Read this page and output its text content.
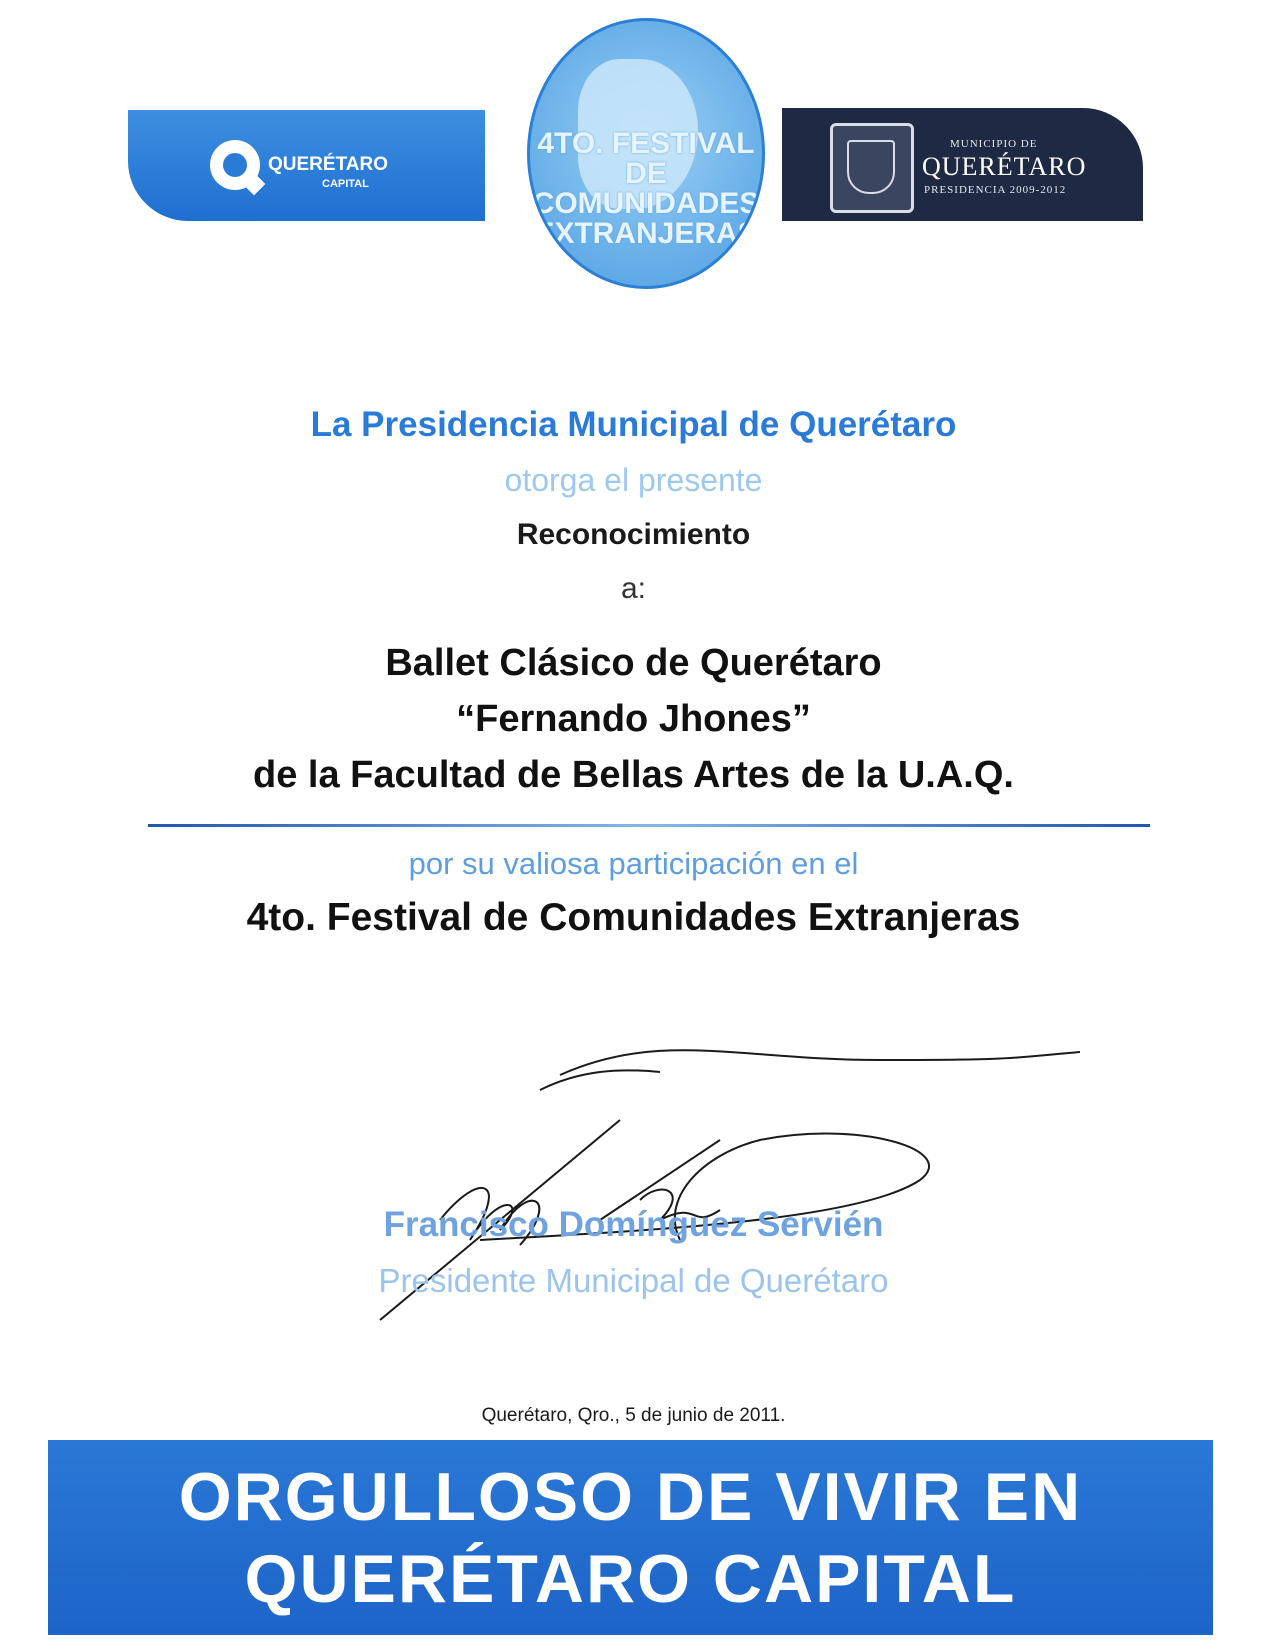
QUERÉTARO
CAPITAL
4TO. FESTIVAL DE COMUNIDADES EXTRANJERAS
MUNICIPIO DE
QUERÉTARO
PRESIDENCIA 2009-2012
La Presidencia Municipal de Querétaro
otorga el presente
Reconocimiento
a:
Ballet Clásico de Querétaro
“Fernando Jhones”
de la Facultad de Bellas Artes de la U.A.Q.
por su valiosa participación en el
4to. Festival de Comunidades Extranjeras
Francisco Domínguez Servién
Presidente Municipal de Querétaro
Querétaro, Qro., 5 de junio de 2011.
ORGULLOSO DE VIVIR EN
QUERÉTARO CAPITAL
